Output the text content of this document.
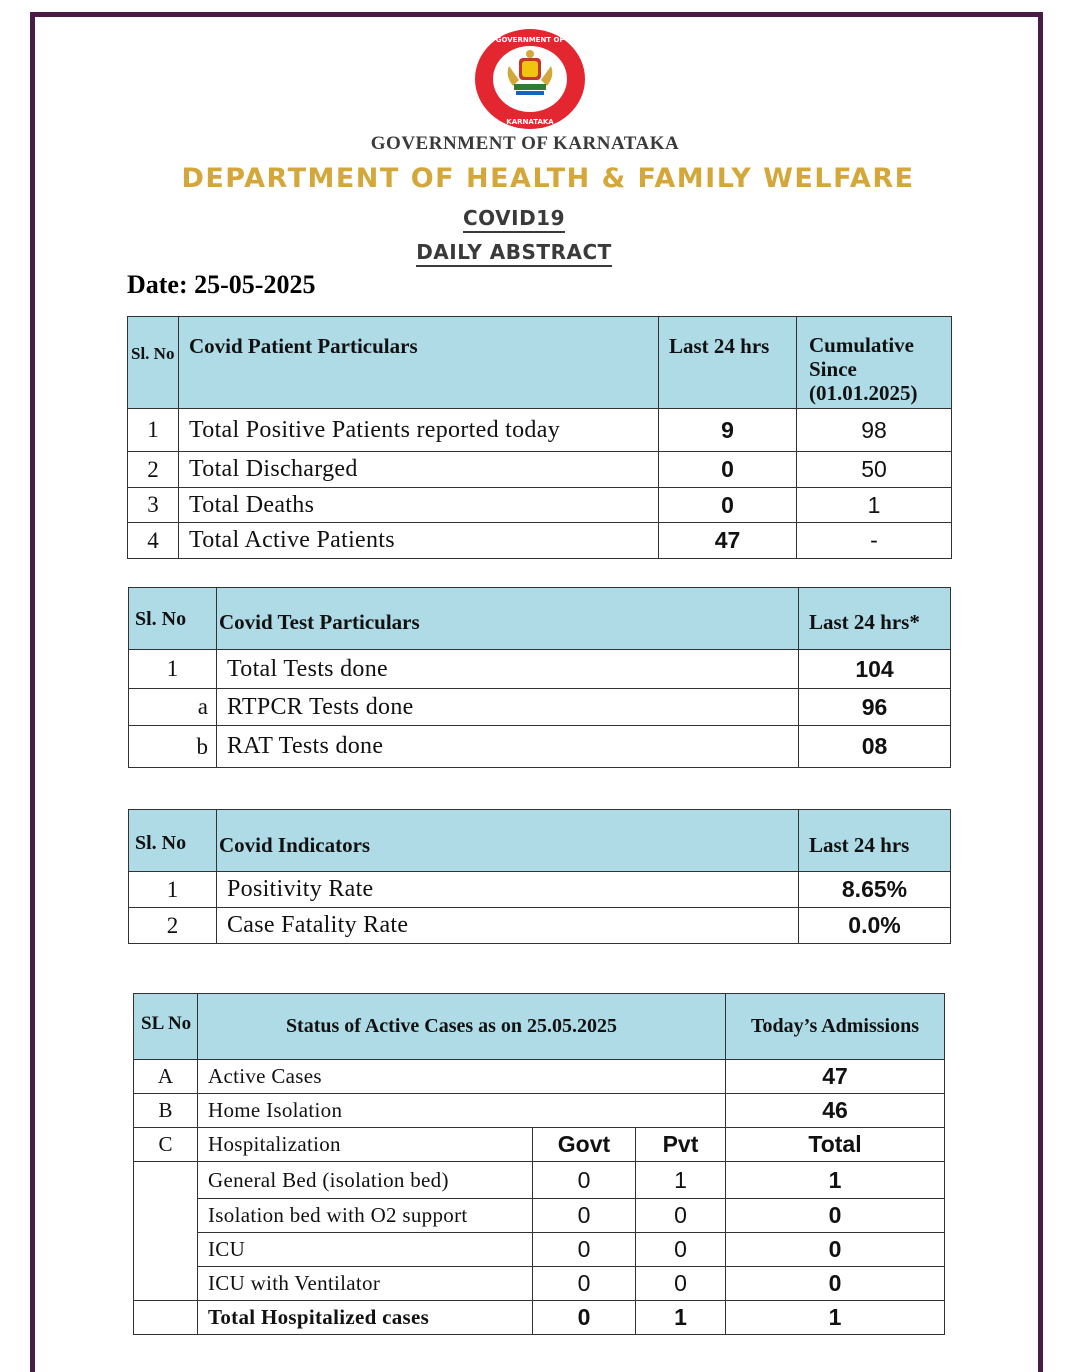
GOVERNMENT OF
KARNATAKA
GOVERNMENT OF KARNATAKA
DEPARTMENT OF HEALTH & FAMILY WELFARE
COVID19
DAILY ABSTRACT
Date: 25-05-2025
Sl. No	Covid Patient Particulars	Last 24 hrs	Cumulative Since (01.01.2025)
1	Total Positive Patients reported today	9	98
2	Total Discharged	0	50
3	Total Deaths	0	1
4	Total Active Patients	47	-
Sl. No	Covid Test Particulars	Last 24 hrs*
1	Total Tests done	104
a	RTPCR Tests done	96
b	RAT Tests done	08
Sl. No	Covid Indicators	Last 24 hrs
1	Positivity Rate	8.65%
2	Case Fatality Rate	0.0%
SL No	Status of Active Cases as on 25.05.2025			Today’s Admissions
A	Active Cases			47
B	Home Isolation			46
C	Hospitalization	Govt	Pvt	Total
	General Bed (isolation bed)	0	1	1
	Isolation bed with O2 support	0	0	0
	ICU	0	0	0
	ICU with Ventilator	0	0	0
	Total Hospitalized cases	0	1	1
